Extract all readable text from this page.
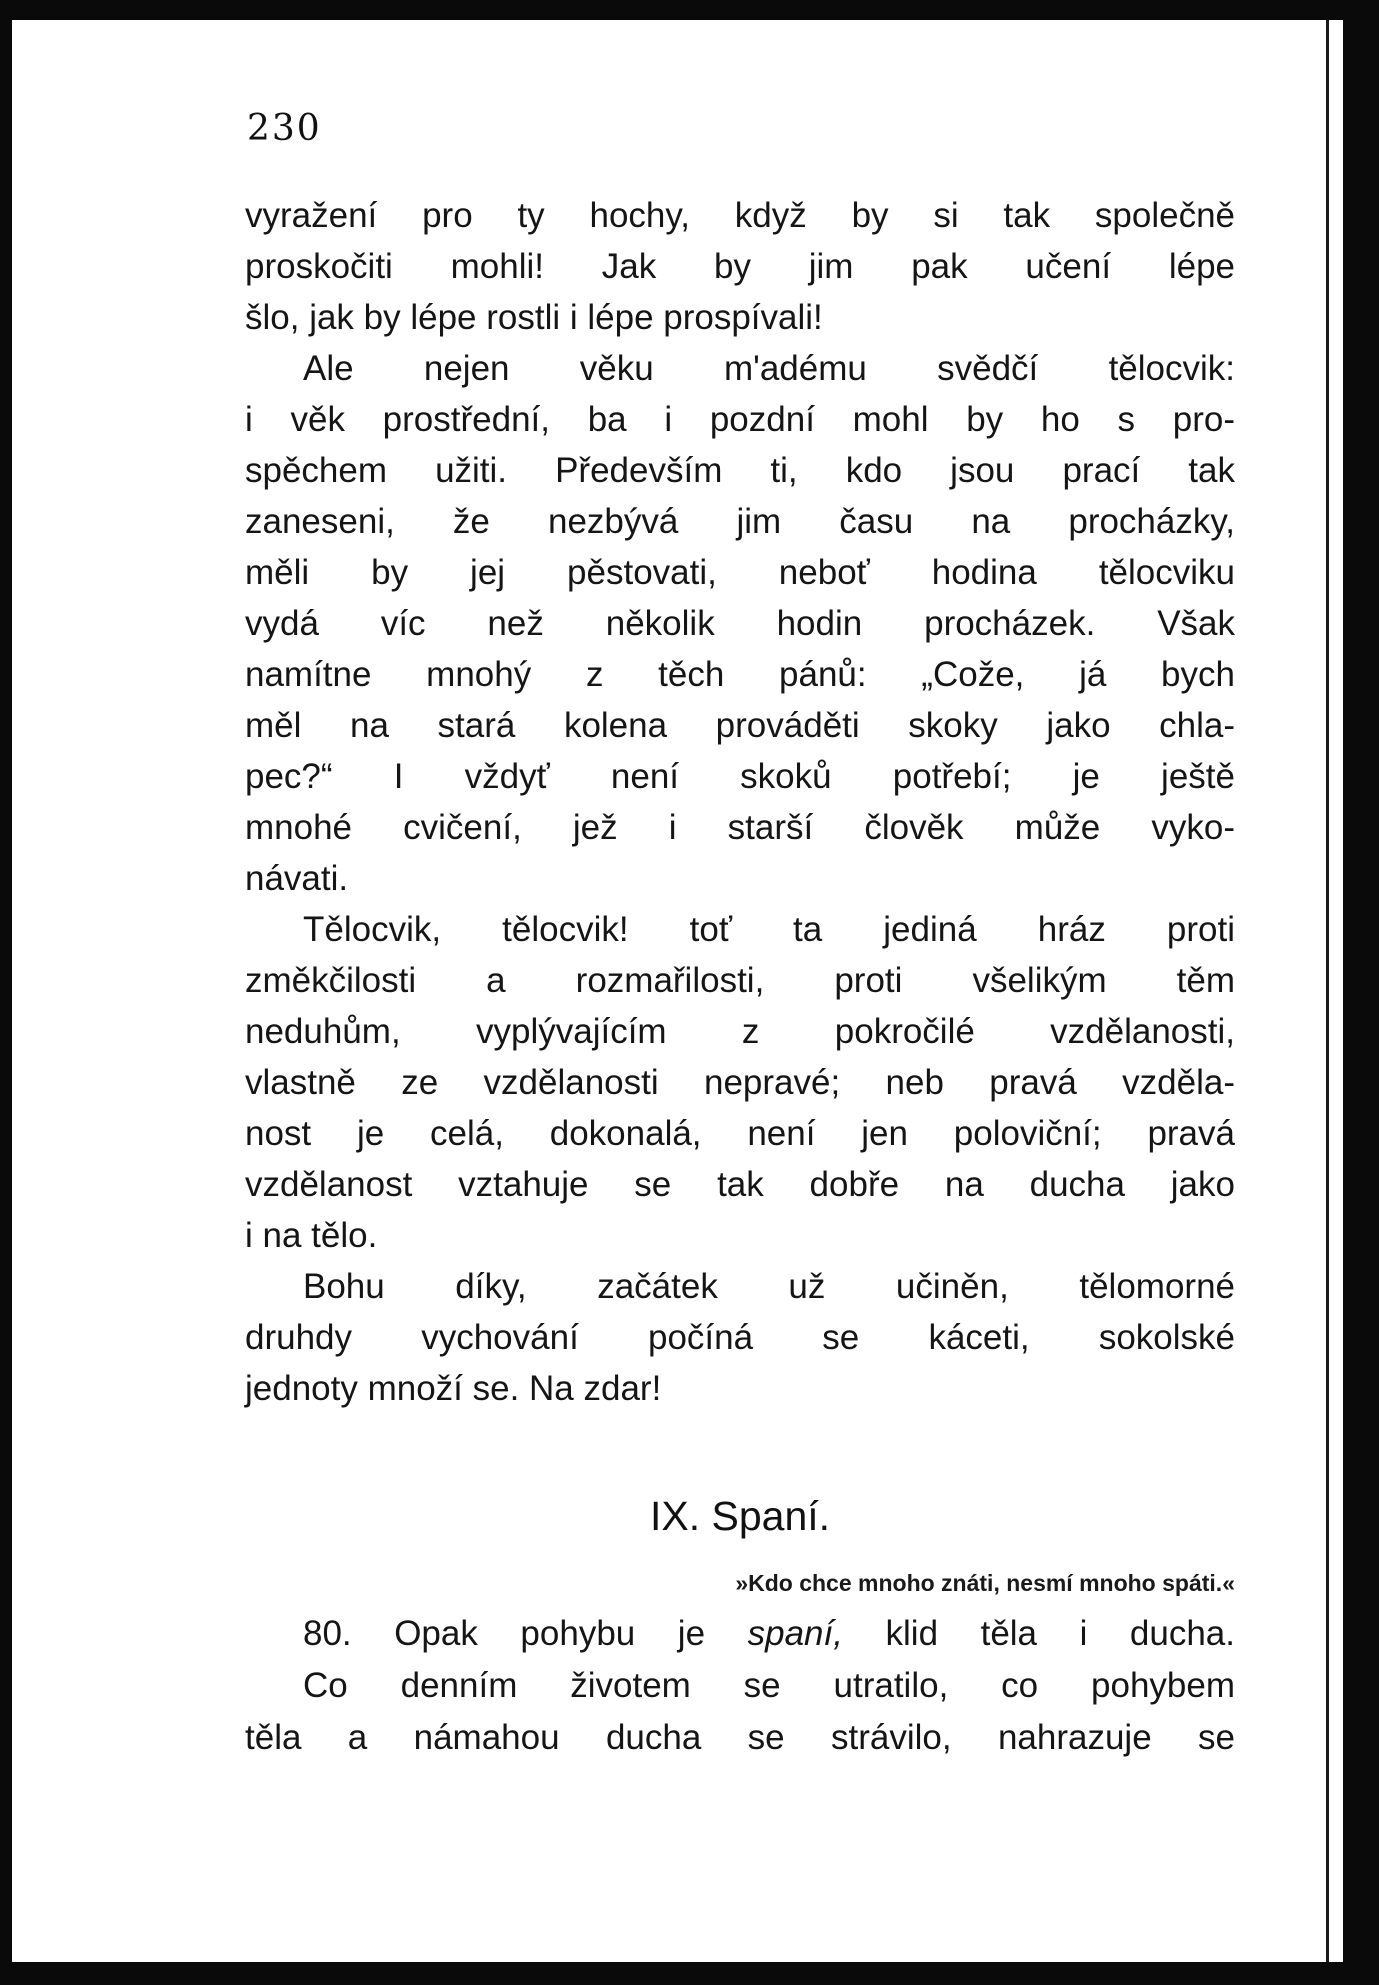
230
vyražení pro ty hochy, když by si tak společně
proskočiti mohli! Jak by jim pak učení lépe
šlo, jak by lépe rostli i lépe prospívali!
Ale nejen věku m'adému svědčí tělocvik:
i věk prostřední, ba i pozdní mohl by ho s pro-
spěchem užiti. Především ti, kdo jsou prací tak
zaneseni, že nezbývá jim času na procházky,
měli by jej pěstovati, neboť hodina tělocviku
vydá víc než několik hodin procházek. Však
namítne mnohý z těch pánů: „Cože, já bych
měl na stará kolena prováděti skoky jako chla-
pec?“ I vždyť není skoků potřebí; je ještě
mnohé cvičení, jež i starší člověk může vyko-
návati.
Tělocvik, tělocvik! toť ta jediná hráz proti
změkčilosti a rozmařilosti, proti všelikým těm
neduhům, vyplývajícím z pokročilé vzdělanosti,
vlastně ze vzdělanosti nepravé; neb pravá vzděla-
nost je celá, dokonalá, není jen poloviční; pravá
vzdělanost vztahuje se tak dobře na ducha jako
i na tělo.
Bohu díky, začátek už učiněn, tělomorné
druhdy vychování počíná se káceti, sokolské
jednoty množí se. Na zdar!
IX. Spaní.
»Kdo chce mnoho znáti, nesmí mnoho spáti.«
80. Opak pohybu je spaní, klid těla i ducha.
Co denním životem se utratilo, co pohybem
těla a námahou ducha se strávilo, nahrazuje se
